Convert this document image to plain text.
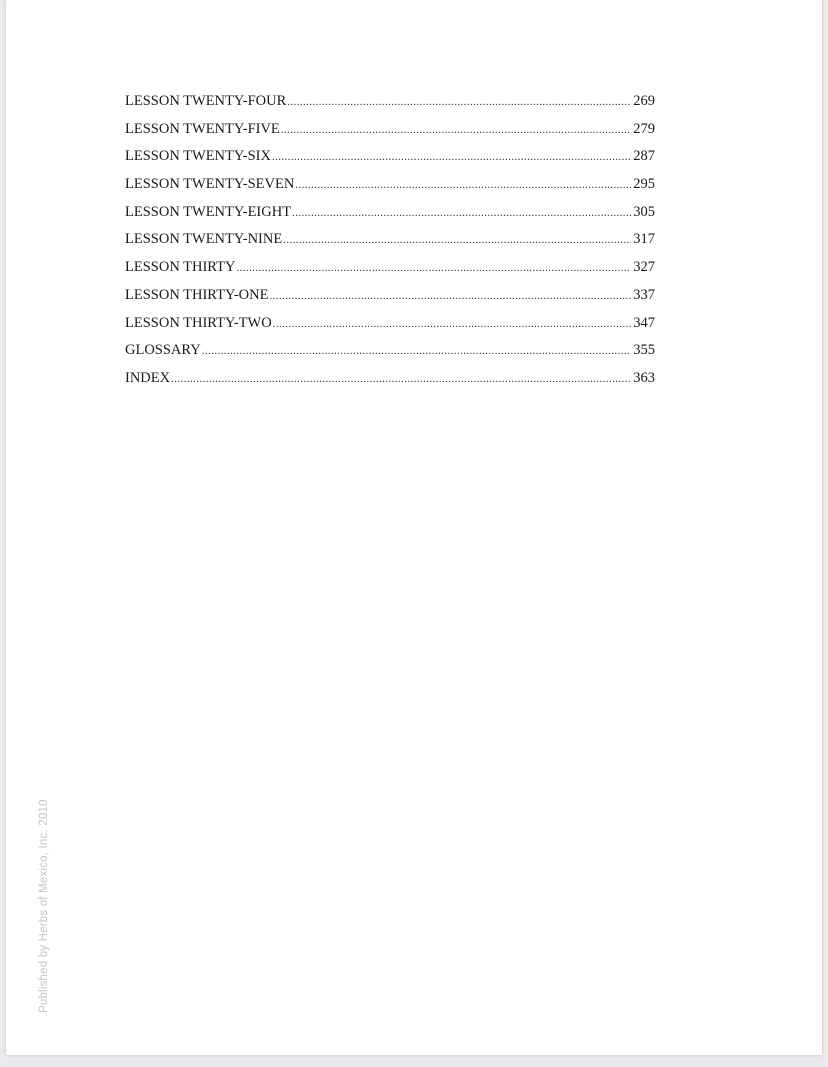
LESSON TWENTY-FOUR .....	269
LESSON TWENTY-FIVE .....	279
LESSON TWENTY-SIX .....	287
LESSON TWENTY-SEVEN .....	295
LESSON TWENTY-EIGHT .....	305
LESSON TWENTY-NINE .....	317
LESSON THIRTY .....	327
LESSON THIRTY-ONE .....	337
LESSON THIRTY-TWO .....	347
GLOSSARY .....	355
INDEX .....	363
Published by Herbs of Mexico, Inc. 2010
